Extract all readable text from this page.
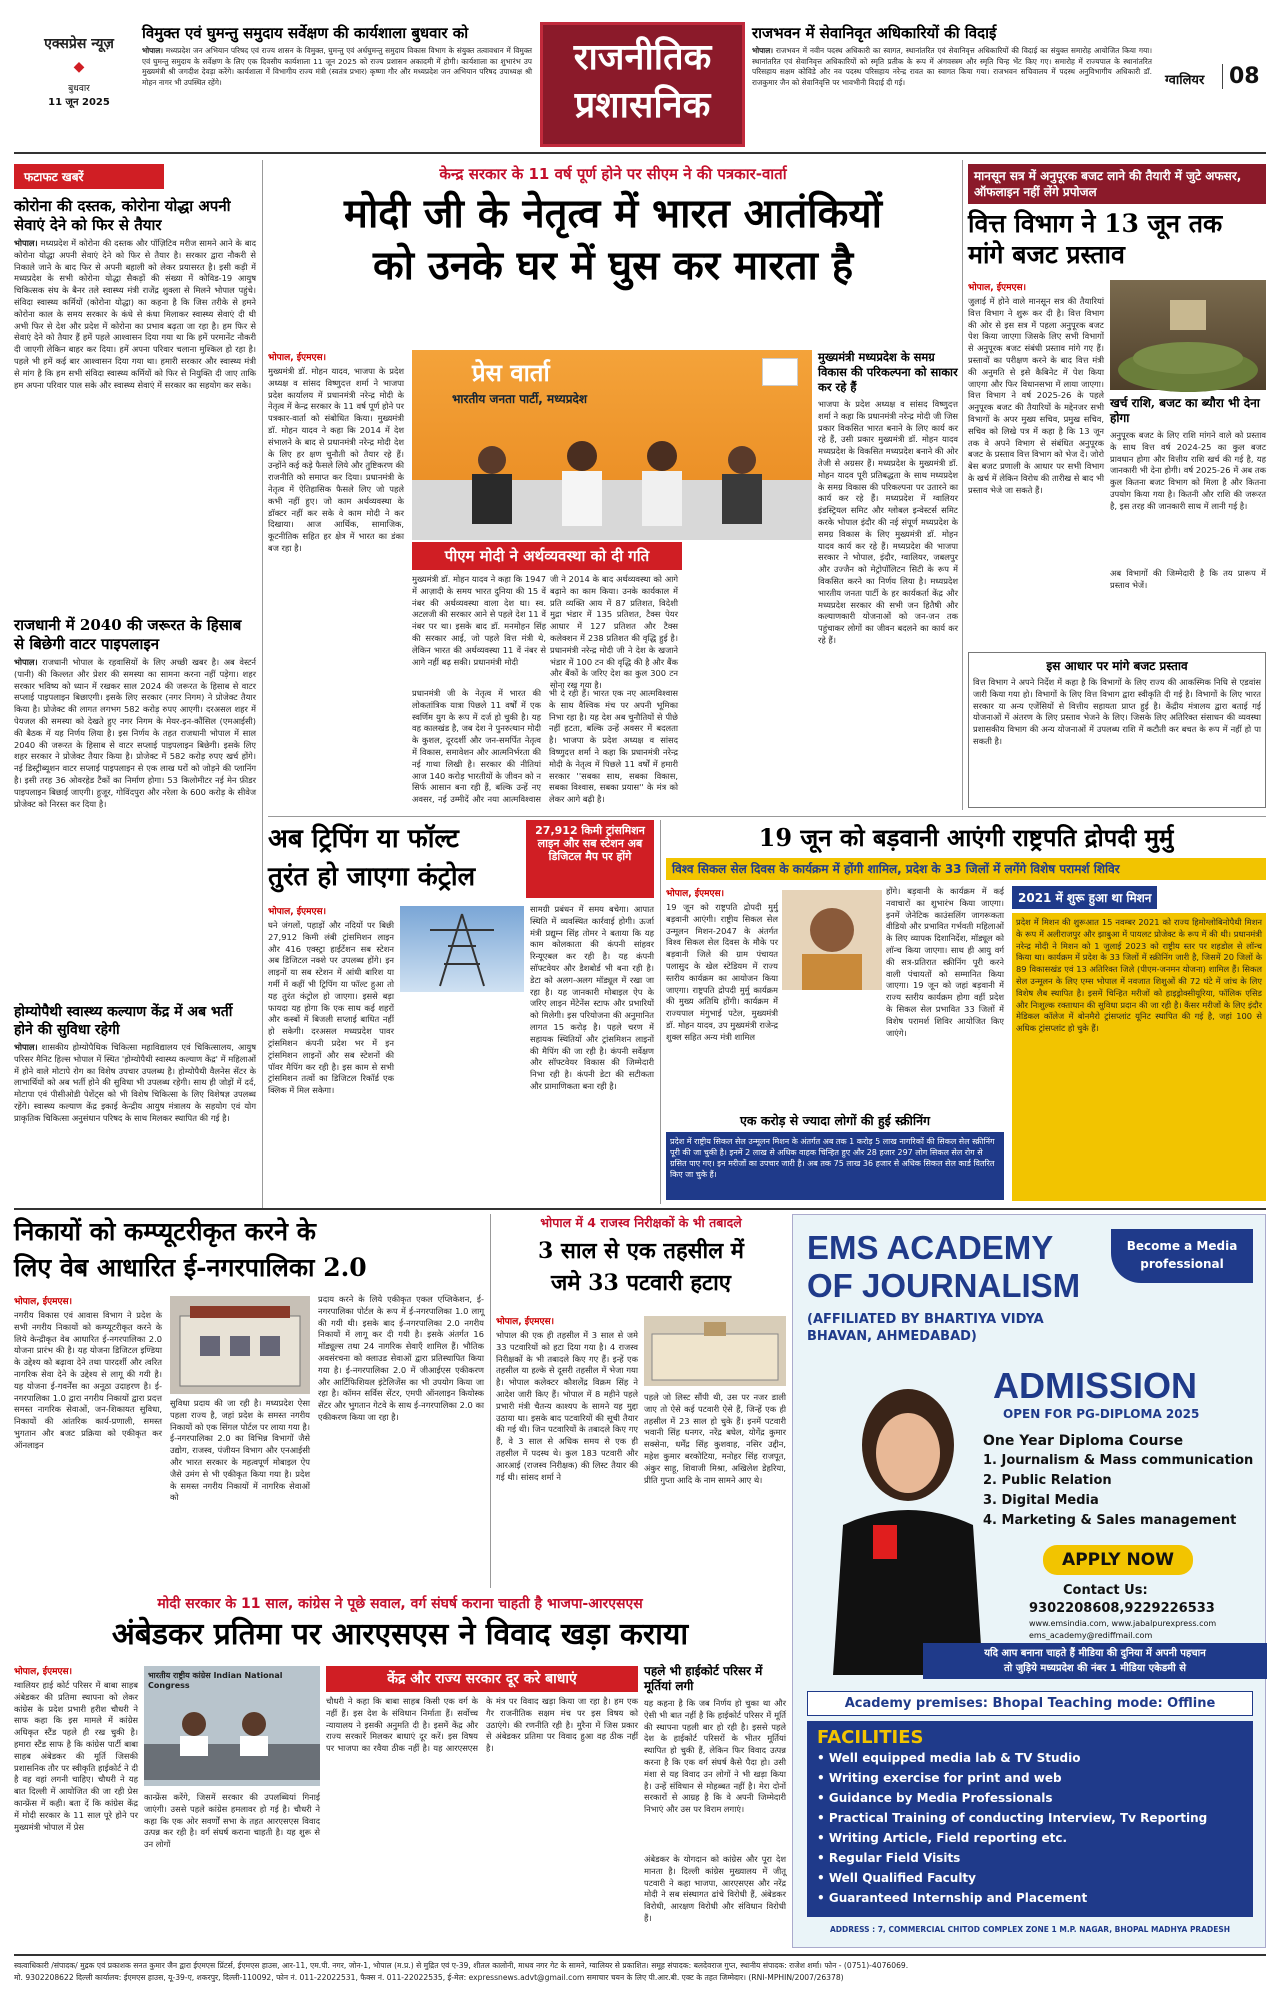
एक्सप्रेस न्यूज़
◆
बुधवार
11 जून 2025
विमुक्त एवं घुमन्तु समुदाय सर्वेक्षण की कार्यशाला बुधवार को
भोपाल। मध्यप्रदेश जन अभियान परिषद एवं राज्य शासन के विमुक्त, घुमन्तु एवं अर्धघुमन्तु समुदाय विकास विभाग के संयुक्त तत्वावधान में विमुक्त एवं घुमन्तु समुदाय के सर्वेक्षण के लिए एक दिवसीय कार्यशाला 11 जून 2025 को राज्य प्रशासन अकादमी में होगी। कार्यशाला का शुभारंभ उप मुख्यमंत्री श्री जगदीश देवड़ा करेंगे। कार्यशाला में विभागीय राज्य मंत्री (स्वतंत्र प्रभार) कृष्णा गौर और मध्यप्रदेश जन अभियान परिषद उपाध्यक्ष श्री मोहन नागर भी उपस्थित रहेंगे।
राजनीतिक
प्रशासनिक
राजभवन में सेवानिवृत अधिकारियों की विदाई
भोपाल। राजभवन में नवीन पदस्थ अधिकारी का स्वागत, स्थानांतरित एवं सेवानिवृत्त अधिकारियों की विदाई का संयुक्त समारोह आयोजित किया गया। स्थानांतरित एवं सेवानिवृत्त अधिकारियों को स्मृति प्रतीक के रूप में अंगवस्त्रम और स्मृति चिन्ह भेंट किए गए। समारोह में राज्यपाल के स्थानांतरित परिसहाय सक्षम कोविडे और नव पदस्थ परिसहाय नरेन्द्र रावत का स्वागत किया गया। राजभवन सचिवालय में पदस्थ अनुविभागीय अधिकारी डॉ. राजकुमार जैन को सेवानिवृत्ति पर भावभीनी विदाई दी गई।	ग्वालियर	08
फटाफट खबरें
कोरोना की दस्तक, कोरोना योद्धा अपनी सेवाएं देने को फिर से तैयार
भोपाल। मध्यप्रदेश में कोरोना की दस्तक और पॉज़िटिव मरीज सामने आने के बाद कोरोना योद्धा अपनी सेवाएं देने को फिर से तैयार है। सरकार द्वारा नौकरी से निकाले जाने के बाद फिर से अपनी बहाली को लेकर प्रयासरत है। इसी कड़ी में मध्यप्रदेश के सभी कोरोना योद्धा सैकड़ों की संख्या में कोविड-19 आयुष चिकित्सक संघ के बैनर तले स्वास्थ्य मंत्री राजेंद्र शुक्ला से मिलने भोपाल पहुंचे। संविदा स्वास्थ्य कर्मियों (कोरोना योद्धा) का कहना है कि जिस तरीके से हमने कोरोना काल के समय सरकार के कंधे से कंधा मिलाकर स्वास्थ्य सेवाएं दी थी अभी फिर से देश और प्रदेश में कोरोना का प्रभाव बढ़ता जा रहा है। हम फिर से सेवाएं देने को तैयार हैं हमें पहले आश्वासन दिया गया था कि हमें परमानेंट नौकरी दी जाएगी लेकिन बाहर कर दिया। हमें अपना परिवार चलाना मुश्किल हो रहा है। पहले भी हमें कई बार आश्वासन दिया गया था। हमारी सरकार और स्वास्थ्य मंत्री से मांग है कि हम सभी संविदा स्वास्थ्य कर्मियों को फिर से नियुक्ति दी जाए ताकि हम अपना परिवार पाल सके और स्वास्थ्य सेवाएं में सरकार का सहयोग कर सके।
राजधानी में 2040 की जरूरत के हिसाब से बिछेगी वाटर पाइपलाइन
भोपाल। राजधानी भोपाल के रहवासियों के लिए अच्छी खबर है। अब वेस्टर्न (पानी) की किल्लत और प्रेशर की समस्या का सामना करना नहीं पड़ेगा। शहर सरकार भविष्य को ध्यान में रखकर साल 2024 की जरूरत के हिसाब से वाटर सप्लाई पाइपलाइन बिछाएगी। इसके लिए सरकार (नगर निगम) ने प्रोजेक्ट तैयार किया है। प्रोजेक्ट की लागत लगभग 582 करोड़ रुपए आएगी। दरअसल शहर में पेयजल की समस्या को देखते हुए नगर निगम के मेयर-इन-कौंसिल (एमआईसी) की बैठक में यह निर्णय लिया है। इस निर्णय के तहत राजधानी भोपाल में साल 2040 की जरूरत के हिसाब से वाटर सप्लाई पाइपलाइन बिछेगी। इसके लिए शहर सरकार ने प्रोजेक्ट तैयार किया है। प्रोजेक्ट में 582 करोड़ रुपए खर्च होंगे। नई डिस्ट्रीब्यूशन वाटर सप्लाई पाइपलाइन से एक लाख घरों को जोड़ने की प्लानिंग है। इसी तरह 36 ओवरहेड टैंकों का निर्माण होगा। 53 किलोमीटर नई मेन फ़ीडर पाइपलाइन बिछाई जाएगी। हुजूर, गोविंदपुरा और नरेला के 600 करोड़ के सीवेज प्रोजेक्ट को निरस्त कर दिया है।
होम्योपैथी स्वास्थ्य कल्याण केंद्र में अब भर्ती होने की सुविधा रहेगी
भोपाल। शासकीय होम्योपैथिक चिकित्सा महाविद्यालय एवं चिकित्सालय, आयुष परिसर मैनिट हिल्स भोपाल में स्थित 'होम्योपैथी स्वास्थ्य कल्याण केंद्र' में महिलाओं में होने वाले मोटापे रोग का विशेष उपचार उपलब्ध है। होम्योपैथी वैलनेस सेंटर के लाभार्थियों को अब भर्ती होने की सुविधा भी उपलब्ध रहेगी। साथ ही जोड़ों में दर्द, मोटापा एवं पीसीओडी पेशेंट्स को भी विशेष चिकित्सा के लिए विशेषज्ञ उपलब्ध रहेंगे। स्वास्थ्य कल्याण केंद्र इकाई केन्द्रीय आयुष मंत्रालय के सहयोग एवं योग प्राकृतिक चिकित्सा अनुसंधान परिषद के साथ मिलकर स्थापित की गई है।
केन्द्र सरकार के 11 वर्ष पूर्ण होने पर सीएम ने की पत्रकार-वार्ता
मोदी जी के नेतृत्व में भारत आतंकियों
को उनके घर में घुस कर मारता है
भोपाल, ईएमएस।
मुख्यमंत्री डॉ. मोहन यादव, भाजपा के प्रदेश अध्यक्ष व सांसद विष्णुदत्त शर्मा ने भाजपा प्रदेश कार्यालय में प्रधानमंत्री नरेन्द्र मोदी के नेतृत्व में केन्द्र सरकार के 11 वर्ष पूर्ण होने पर पत्रकार-वार्ता को संबोधित किया। मुख्यमंत्री डॉ. मोहन यादव ने कहा कि 2014 में देश संभालने के बाद से प्रधानमंत्री नरेन्द्र मोदी देश के लिए हर क्षण चुनौती को तैयार रहे हैं। उन्होंने कई कड़े फैसले लिये और तुष्टिकरण की राजनीति को समाप्त कर दिया। प्रधानमंत्री के नेतृत्व में ऐतिहासिक फैसले लिए जो पहले कभी नहीं हुए। जो काम अर्थव्यवस्था के डॉक्टर नहीं कर सके वे काम मोदी ने कर दिखाया। आज आर्थिक, सामाजिक, कूटनीतिक सहित हर क्षेत्र में भारत का डंका बज रहा है।
प्रेस वार्ता
भारतीय जनता पार्टी, मध्यप्रदेश
पीएम मोदी ने अर्थव्यवस्था को दी गति
मुख्यमंत्री डॉ. मोहन यादव ने कहा कि 1947 में आज़ादी के समय भारत दुनिया की 15 वें नंबर की अर्थव्यवस्था वाला देश था। स्व. अटलजी की सरकार आने से पहले देश 11 वें नंबर पर था। इसके बाद डॉ. मनमोहन सिंह की सरकार आई, जो पहले वित्त मंत्री थे, लेकिन भारत की अर्थव्यवस्था 11 वें नंबर से आगे नहीं बढ़ सकी। प्रधानमंत्री मोदी
जी ने 2014 के बाद अर्थव्यवस्था को आगे बढ़ाने का काम किया। उनके कार्यकाल में प्रति व्यक्ति आय में 87 प्रतिशत, विदेशी मुद्रा भंडार में 135 प्रतिशत, टैक्स पेयर आधार में 127 प्रतिशत और टैक्स कलेक्शन में 238 प्रतिशत की वृद्धि हुई है। प्रधानमंत्री नरेन्द्र मोदी जी ने देश के खजाने भंडार में 100 टन की वृद्धि की है और बैंक और बैंकों के जरिए देश का कुल 300 टन सोना रख गया है।
प्रधानमंत्री जी के नेतृत्व में भारत की लोकतांत्रिक यात्रा पिछले 11 वर्षों में एक स्वर्णिम युग के रूप में दर्ज हो चुकी है। यह वह कालखंड है, जब देश ने पुनरुत्थान मोदी के कुशल, दूरदर्शी और जन-समर्पित नेतृत्व में विकास, समावेशन और आत्मनिर्भरता की नई गाथा लिखी है। सरकार की नीतियां आज 140 करोड़ भारतीयों के जीवन को न सिर्फ आसान बना रही हैं, बल्कि उन्हें नए अवसर, नई उम्मीदें और नया आत्मविश्वास भी दे रही हैं। भारत एक नए आत्मविश्वास के साथ वैश्विक मंच पर अपनी भूमिका निभा रहा है। यह देश अब चुनौतियों से पीछे नहीं हटता, बल्कि उन्हें अवसर में बदलता है। भाजपा के प्रदेश अध्यक्ष व सांसद विष्णुदत्त शर्मा ने कहा कि प्रधानमंत्री नरेन्द्र मोदी के नेतृत्व में पिछले 11 वर्षों में हमारी सरकार ''सबका साथ, सबका विकास, सबका विश्वास, सबका प्रयास'' के मंत्र को लेकर आगे बढ़ी है।
मुख्यमंत्री मध्यप्रदेश के समग्र विकास की परिकल्पना को साकार कर रहे हैं
भाजपा के प्रदेश अध्यक्ष व सांसद विष्णुदत्त शर्मा ने कहा कि प्रधानमंत्री नरेन्द्र मोदी जी जिस प्रकार विकसित भारत बनाने के लिए कार्य कर रहे हैं, उसी प्रकार मुख्यमंत्री डॉ. मोहन यादव मध्यप्रदेश के विकसित मध्यप्रदेश बनाने की ओर तेजी से अग्रसर हैं। मध्यप्रदेश के मुख्यमंत्री डॉ. मोहन यादव पूरी प्रतिबद्धता के साथ मध्यप्रदेश के समग्र विकास की परिकल्पना पर उतारने का कार्य कर रहे हैं। मध्यप्रदेश में ग्वालियर इंडस्ट्रियल समिट और ग्लोबल इन्वेस्टर्स समिट करके भोपाल इंदौर की नई संपूर्ण मध्यप्रदेश के समग्र विकास के लिए मुख्यमंत्री डॉ. मोहन यादव कार्य कर रहे हैं। मध्यप्रदेश की भाजपा सरकार ने भोपाल, इंदौर, ग्वालियर, जबलपुर और उज्जैन को मेट्रोपॉलिटन सिटी के रूप में विकसित करने का निर्णय लिया है। मध्यप्रदेश भारतीय जनता पार्टी के हर कार्यकर्ता केंद्र और मध्यप्रदेश सरकार की सभी जन हितैषी और कल्याणकारी योजनाओं को जन-जन तक पहुंचाकर लोगों का जीवन बदलने का कार्य कर रहे हैं।
मानसून सत्र में अनुपूरक बजट लाने की तैयारी में जुटे अफसर, ऑफलाइन नहीं लेंगे प्रपोजल
वित्त विभाग ने 13 जून तक मांगे बजट प्रस्ताव
भोपाल, ईएमएस।
जुलाई में होने वाले मानसून सत्र की तैयारियां वित्त विभाग ने शुरू कर दी है। वित्त विभाग की ओर से इस सत्र में पहला अनुपूरक बजट पेश किया जाएगा जिसके लिए सभी विभागों से अनुपूरक बजट संबंधी प्रस्ताव मांगे गए हैं। प्रस्तावों का परीक्षण करने के बाद वित्त मंत्री की अनुमति से इसे कैबिनेट में पेश किया जाएगा और फिर विधानसभा में लाया जाएगा। वित्त विभाग ने वर्ष 2025-26 के पहले अनुपूरक बजट की तैयारियों के मद्देनजर सभी विभागों के अपर मुख्य सचिव, प्रमुख सचिव, सचिव को लिखे पत्र में कहा है कि 13 जून तक वे अपने विभाग से संबंधित अनुपूरक बजट के प्रस्ताव वित्त विभाग को भेज दें। जोरो बेस बजट प्रणाली के आधार पर सभी विभाग के खर्च में लेकिन विरोध की तारीख से बाद भी प्रस्ताव भेजे जा सकते हैं।
खर्च राशि, बजट का ब्यौरा भी देना होगा
अनुपूरक बजट के लिए राशि मांगने वाले को प्रस्ताव के साथ वित्त वर्ष 2024-25 का कुल बजट प्रावधान होगा और वित्तीय राशि खर्च की गई है, यह जानकारी भी देना होगी। वर्ष 2025-26 में अब तक कुल कितना बजट विभाग को मिला है और कितना उपयोग किया गया है। कितनी और राशि की जरूरत है, इस तरह की जानकारी साथ में लानी गई है।
अब विभागों की जिम्मेदारी है कि तय प्रारूप में प्रस्ताव भेजें।
इस आधार पर मांगे बजट प्रस्ताव
वित्त विभाग ने अपने निर्देश में कहा है कि विभागों के लिए राज्य की आकस्मिक निधि से एडवांस जारी किया गया हो। विभागों के लिए वित्त विभाग द्वारा स्वीकृति दी गई है। विभागों के लिए भारत सरकार या अन्य एजेंसियों से वित्तीय सहायता प्राप्त हुई है। केंद्रीय मंत्रालय द्वारा बताई गई योजनाओं में अंतरण के लिए प्रस्ताव भेजने के लिए। जिसके लिए अतिरिक्त संसाधन की व्यवस्था प्रशासकीय विभाग की अन्य योजनाओं में उपलब्ध राशि में कटौती कर बचत के रूप में नहीं हो पा सकती है।
अब ट्रिपिंग या फॉल्ट
तुरंत हो जाएगा कंट्रोल
27,912 किमी ट्रांसमिशन लाइन और सब स्टेशन अब डिजिटल मैप पर होंगे
भोपाल, ईएमएस।
घने जंगलों, पहाड़ों और नदियों पर बिछी 27,912 किमी लंबी ट्रांसमिशन लाइन और 416 एक्स्ट्रा हाईटेंशन सब स्टेशन अब डिजिटल नक्शे पर उपलब्ध होंगे। इन लाइनों या सब स्टेशन में आंधी बारिश या गर्मी में कहीं भी ट्रिपिंग या फॉल्ट हुआ तो यह तुरंत कंट्रोल हो जाएगा। इससे बड़ा फायदा यह होगा कि एक साथ कई शहरों और कस्बों में बिजली सप्लाई बाधित नहीं हो सकेगी। दरअसल मध्यप्रदेश पावर ट्रांसमिशन कंपनी प्रदेश भर में इन ट्रांसमिशन लाइनों और सब स्टेशनों की पॉवर मैपिंग कर रही है। इस काम से सभी ट्रांसमिशन तत्वों का डिजिटल रिकॉर्ड एक क्लिक में मिल सकेगा।
सामग्री प्रबंधन में समय बचेगा। आपात स्थिति में व्यवस्थित कार्रवाई होगी। ऊर्जा मंत्री प्रद्युम्न सिंह तोमर ने बताया कि यह काम कोलकाता की कंपनी सांहवर रिन्यूएबल कर रही है। यह कंपनी सॉफ्टवेयर और डैशबोर्ड भी बना रही है। डेटा को अलग-अलग मॉड्यूल में रखा जा रहा है। यह जानकारी मोबाइल ऐप के जरिए लाइन मेंटेनेंस स्टाफ और प्रभारियों को मिलेगी। इस परियोजना की अनुमानित लागत 15 करोड़ है। पहले चरण में सहायक स्थितियों और ट्रांसमिशन लाइनों की मैपिंग की जा रही है। कंपनी सर्वेक्षण और सॉफ्टवेयर विकास की जिम्मेदारी निभा रही है। कंपनी डेटा की सटीकता और प्रामाणिकता बना रही है।
19 जून को बड़वानी आएंगी राष्ट्रपति द्रोपदी मुर्मु
विश्व सिकल सेल दिवस के कार्यक्रम में होंगी शामिल, प्रदेश के 33 जिलों में लगेंगे विशेष परामर्श शिविर
भोपाल, ईएमएस।
19 जून को राष्ट्रपति द्रोपदी मुर्मु बड़वानी आएंगी। राष्ट्रीय सिकल सेल उन्मूलन मिशन-2047 के अंतर्गत विश्व सिकल सेल दिवस के मौके पर बड़वानी जिले की ग्राम पंचायत पलासुद के खेल स्टेडियम में राज्य स्तरीय कार्यक्रम का आयोजन किया जाएगा। राष्ट्रपति द्रोपदी मुर्मु कार्यक्रम की मुख्य अतिथि होंगी। कार्यक्रम में राज्यपाल मंगुभाई पटेल, मुख्यमंत्री डॉ. मोहन यादव, उप मुख्यमंत्री राजेन्द्र शुक्ल सहित अन्य मंत्री शामिल
होंगे। बड़वानी के कार्यक्रम में कई नवाचारों का शुभारंभ किया जाएगा। इनमें जेनेटिक काउंसलिंग जागरूकता वीडियो और प्रभावित गर्भवती महिलाओं के लिए व्यापक दिशानिर्देश, मॉड्यूल को लॉन्च किया जाएगा। साथ ही आयु वर्ग की सत्र-प्रतिरात स्क्रीनिंग पूरी करने वाली पंचायतों को सम्मानित किया जाएगा। 19 जून को जहां बड़वानी में राज्य स्तरीय कार्यक्रम होगा वहीं प्रदेश के सिकल सेल प्रभावित 33 जिलों में विशेष परामर्श शिविर आयोजित किए जाएंगे।
एक करोड़ से ज्यादा लोगों की हुई स्क्रीनिंग
प्रदेश में राष्ट्रीय सिकल सेल उन्मूलन मिशन के अंतर्गत अब तक 1 करोड़ 5 लाख नागरिकों की सिकल सेल स्क्रीनिंग पूरी की जा चुकी है। इनमें 2 लाख से अधिक वाहक चिन्हित हुए और 28 हजार 297 लोग सिकल सेल रोग से ग्रसित पाए गए। इन मरीजों का उपचार जारी है। अब तक 75 लाख 36 हजार से अधिक सिकल सेल कार्ड वितरित किए जा चुके हैं।
2021 में शुरू हुआ था मिशन
प्रदेश में मिशन की शुरूआत 15 नवम्बर 2021 को राज्य हिमोग्लोबिनोपैथी मिशन के रूप में अलीराजपुर और झाबुआ में पायलट प्रोजेक्ट के रूप में की थी। प्रधानमंत्री नरेन्द्र मोदी ने मिशन को 1 जुलाई 2023 को राष्ट्रीय स्तर पर शहडोल से लॉन्च किया था। कार्यक्रम में प्रदेश के 33 जिलों में स्क्रीनिंग जारी है, जिसमें 20 जिलों के 89 विकासखंड एवं 13 अतिरिक्त जिले (पीएम-जनमन योजना) शामिल हैं। सिकल सेल उन्मूलन के लिए एम्स भोपाल में नवजात शिशुओं की 72 घंटे में जांच के लिए विशेष लैब स्थापित है। इसमें चिन्हित मरीजों को हाइड्रोक्सीयूरिया, फॉलिक एसिड और निःशुल्क रक्ताधान की सुविधा प्रदान की जा रही है। कैंसर मरीजों के लिए इंदौर मेडिकल कॉलेज में बोनमैरो ट्रांसप्लांट यूनिट स्थापित की गई है, जहां 100 से अधिक ट्रांसप्लांट हो चुके हैं।
निकायों को कम्प्यूटरीकृत करने के
लिए वेब आधारित ई-नगरपालिका 2.0
भोपाल, ईएमएस।
नगरीय विकास एवं आवास विभाग ने प्रदेश के सभी नगरीय निकायों को कम्प्यूटरीकृत करने के लिये केन्द्रीकृत वेब आधारित ई-नगरपालिका 2.0 योजना प्रारंभ की है। यह योजना डिजिटल इण्डिया के उद्देश्य को बढ़ावा देने तथा पारदर्शी और त्वरित नागरिक सेवा देने के उद्देश्य से लागू की गयी है। यह योजना ई-गवर्नेंस का अनूठा उदाहरण है। ई-नगरपालिका 1.0 द्वारा नगरीय निकायों द्वारा प्रदत्त समस्त नागरिक सेवाओं, जन-शिकायत सुविधा, निकायों की आंतरिक कार्य-प्रणाली, समस्त भुगतान और बजट प्रक्रिया को एकीकृत कर ऑनलाइन
सुविधा प्रदाय की जा रही है। मध्यप्रदेश ऐसा पहला राज्य है, जहां प्रदेश के समस्त नगरीय निकायों को एक सिंगल पोर्टल पर लाया गया है। ई-नगरपालिका 2.0 का विभिन्न विभागों जैसे उद्योग, राजस्व, पंजीयन विभाग और एनआईसी और भारत सरकार के महत्वपूर्ण मोबाइल ऐप जैसे उमंग से भी एकीकृत किया गया है। प्रदेश के समस्त नगरीय निकायों में नागरिक सेवाओं को
प्रदाय करने के लिये एकीकृत एकल एप्लिकेशन, ई-नगरपालिका पोर्टल के रूप में ई-नगरपालिका 1.0 लागू की गयी थी। इसके बाद ई-नगरपालिका 2.0 नगरीय निकायों में लागू कर दी गयी है। इसके अंतर्गत 16 मॉड्यूल्स तथा 24 नागरिक सेवाएँ शामिल हैं। भौतिक अवसंरचना को क्लाउड सेवाओं द्वारा प्रतिस्थापित किया गया है। ई-नगरपालिका 2.0 में जीआईएस एकीकरण और आर्टिफिशियल इंटेलिजेंस का भी उपयोग किया जा रहा है। कॉमन सर्विस सेंटर, एमपी ऑनलाइन कियोस्क सेंटर और भुगतान गेटवे के साथ ई-नगरपालिका 2.0 का एकीकरण किया जा रहा है।
भोपाल में 4 राजस्व निरीक्षकों के भी तबादले
3 साल से एक तहसील में
जमे 33 पटवारी हटाए
भोपाल, ईएमएस।
भोपाल की एक ही तहसील में 3 साल से जमे 33 पटवारियों को हटा दिया गया है। 4 राजस्व निरीक्षकों के भी तबादले किए गए हैं। इन्हें एक तहसील या हल्के से दूसरी तहसील में भेजा गया है। भोपाल कलेक्टर कौशलेंद्र विक्रम सिंह ने आदेश जारी किए हैं। भोपाल में 8 महीने पहले प्रभारी मंत्री चैतन्य काश्यप के सामने यह मुद्दा उठाया था। इसके बाद पटवारियों की सूची तैयार की गई थी। जिन पटवारियों के तबादले किए गए हैं, वे 3 साल से अधिक समय से एक ही तहसील में पदस्थ थे। कुल 183 पटवारी और आरआई (राजस्व निरीक्षक) की लिस्ट तैयार की गई थी। सांसद शर्मा ने
पहले जो लिस्ट सौंपी थी, उस पर नजर डाली जाए तो ऐसे कई पटवारी ऐसे हैं, जिन्हें एक ही तहसील में 23 साल हो चुके हैं। इनमें पटवारी भवानी सिंह धनगर, नरेंद्र बघेल, योगेंद्र कुमार सक्सेना, धर्मेंद्र सिंह कुशवाह, नसिर उद्दीन, महेश कुमार बरकोटिया, मनोहर सिंह राजपूत, अंकुर साहू, शिवाजी मिश्रा, अखिलेश डेहरिया, प्रीति गुप्ता आदि के नाम सामने आए थे।
EMS ACADEMY
OF JOURNALISM
(AFFILIATED BY BHARTIYA VIDYA BHAVAN, AHMEDABAD)
Become a Media professional
ADMISSION
OPEN FOR PG-DIPLOMA 2025
One Year Diploma Course
1. Journalism & Mass communication
2. Public Relation
3. Digital Media
4. Marketing & Sales management
APPLY NOW
Contact Us:
9302208608,9229226533
www.emsindia.com, www.jabalpurexpress.com
ems_academy@rediffmail.com
यदि आप बनाना चाहते हैं मीडिया की दुनिया में अपनी पहचान
तो जुड़िये मध्यप्रदेश की नंबर 1 मीडिया एकेडमी से
Academy premises: Bhopal Teaching mode: Offline
FACILITIES
• Well equipped media lab & TV Studio
• Writing exercise for print and web
• Guidance by Media Professionals
• Practical Training of conducting Interview, Tv Reporting
• Writing Article, Field reporting etc.
• Regular Field Visits
• Well Qualified Faculty
• Guaranteed Internship and Placement
ADDRESS : 7, COMMERCIAL CHITOD COMPLEX ZONE 1 M.P. NAGAR, BHOPAL MADHYA PRADESH
मोदी सरकार के 11 साल, कांग्रेस ने पूछे सवाल, वर्ग संघर्ष कराना चाहती है भाजपा-आरएसएस
अंबेडकर प्रतिमा पर आरएसएस ने विवाद खड़ा कराया
भोपाल, ईएमएस।
ग्वालियर हाई कोर्ट परिसर में बाबा साहब अंबेडकर की प्रतिमा स्थापना को लेकर कांग्रेस के प्रदेश प्रभारी हरीश चौधरी ने साफ कहा कि इस मामले में कांग्रेस अधिकृत स्टैंड पहले ही रख चुकी है। हमारा स्टैंड साफ है कि कांग्रेस पार्टी बाबा साहब अंबेडकर की मूर्ति जिसकी प्रशासनिक तौर पर स्वीकृति हाईकोर्ट ने दी है वह वहां लगनी चाहिए। चौधरी ने यह बात दिल्ली में आयोजित की जा रही प्रेस कान्फ्रेंस में कही। बता दें कि कांग्रेस केंद्र में मोदी सरकार के 11 साल पूरे होने पर मुख्यमंत्री भोपाल में प्रेस
भारतीय राष्ट्रीय कांग्रेस Indian National Congress
कान्फ्रेंस करेंगे, जिसमें सरकार की उपलब्धियां गिनाई जाएंगी। उससे पहले कांग्रेस हमलावर हो गई है। चौधरी ने कहा कि एक ओर सवर्णों सभा के तहत आरएसएस विवाद उत्पन्न कर रही है। वर्ग संघर्ष कराना चाहती है। यह शुरू से उन लोगों
केंद्र और राज्य सरकार दूर करे बाधाएं
चौधरी ने कहा कि बाबा साहब किसी एक वर्ग के नहीं हैं। इस देश के संविधान निर्माता हैं। सर्वोच्च न्यायालय ने इसकी अनुमति दी है। इसमें केंद्र और राज्य सरकारें मिलकर बाधाएं दूर करें। इस विषय पर भाजपा का रवैया ठीक नहीं है। यह आरएसएस के मंत्र पर विवाद खड़ा किया जा रहा है। हम एक गैर राजनीतिक सक्षम मंच पर इस विषय को उठाएंगे। की रणनीति रही है। मुरैना में जिस प्रकार से अंबेडकर प्रतिमा पर विवाद हुआ वह ठीक नहीं है।
पहले भी हाईकोर्ट परिसर में मूर्तियां लगी
यह कहना है कि जब निर्णय हो चुका था और ऐसी भी बात नहीं है कि हाईकोर्ट परिसर में मूर्ति की स्थापना पहली बार हो रही है। इससे पहले देश के हाईकोर्ट परिसरों के भीतर मूर्तियां स्थापित हो चुकी हैं, लेकिन फिर विवाद उत्पन्न करना है कि एक वर्ग संघर्ष कैसे पैदा हो। उसी मंशा से यह विवाद उन लोगों ने भी खड़ा किया है। उन्हें संविधान से मोहब्बत नहीं है। मेरा दोनों सरकारों से आग्रह है कि वे अपनी जिम्मेदारी निभाएं और उस पर विराम लगाएं।
अंबेडकर के योगदान को कांग्रेस और पूरा देश मानता है। दिल्ली कांग्रेस मुख्यालय में जीतू पटवारी ने कहा भाजपा, आरएसएस और नरेंद्र मोदी ने सब संस्थागत ढांचे विरोधी हैं, अंबेडकर विरोधी, आरक्षण विरोधी और संविधान विरोधी हैं।
स्वत्वाधिकारी /संपादक/ मुद्रक एवं प्रकाशक सनत कुमार जैन द्वारा ईएमएस प्रिंटर्स, ईएमएस हाउस, आर-11, एम.पी. नगर, जोन-1, भोपाल (म.प्र.) से मुद्रित एवं ए-39, शीतल कालोनी, माधव नगर गेट के सामने, ग्वालियर से प्रकाशित। समूह संपादक: बलदेवराज गुप्त, स्थानीय संपादक: राजेश शर्मा। फोन - (0751)-4076069.
मो. 9302208622 दिल्ली कार्यालय: ईएमएस हाउस, यू-39-ए, शकरपुर, दिल्ली-110092, फोन नं. 011-22022531, फैक्स नं. 011-22022535, ई-मेल: expressnews.advt@gmail.com समाचार चयन के लिए पी.आर.बी. एक्ट के तहत जिम्मेदार। (RNI-MPHIN/2007/26378)
